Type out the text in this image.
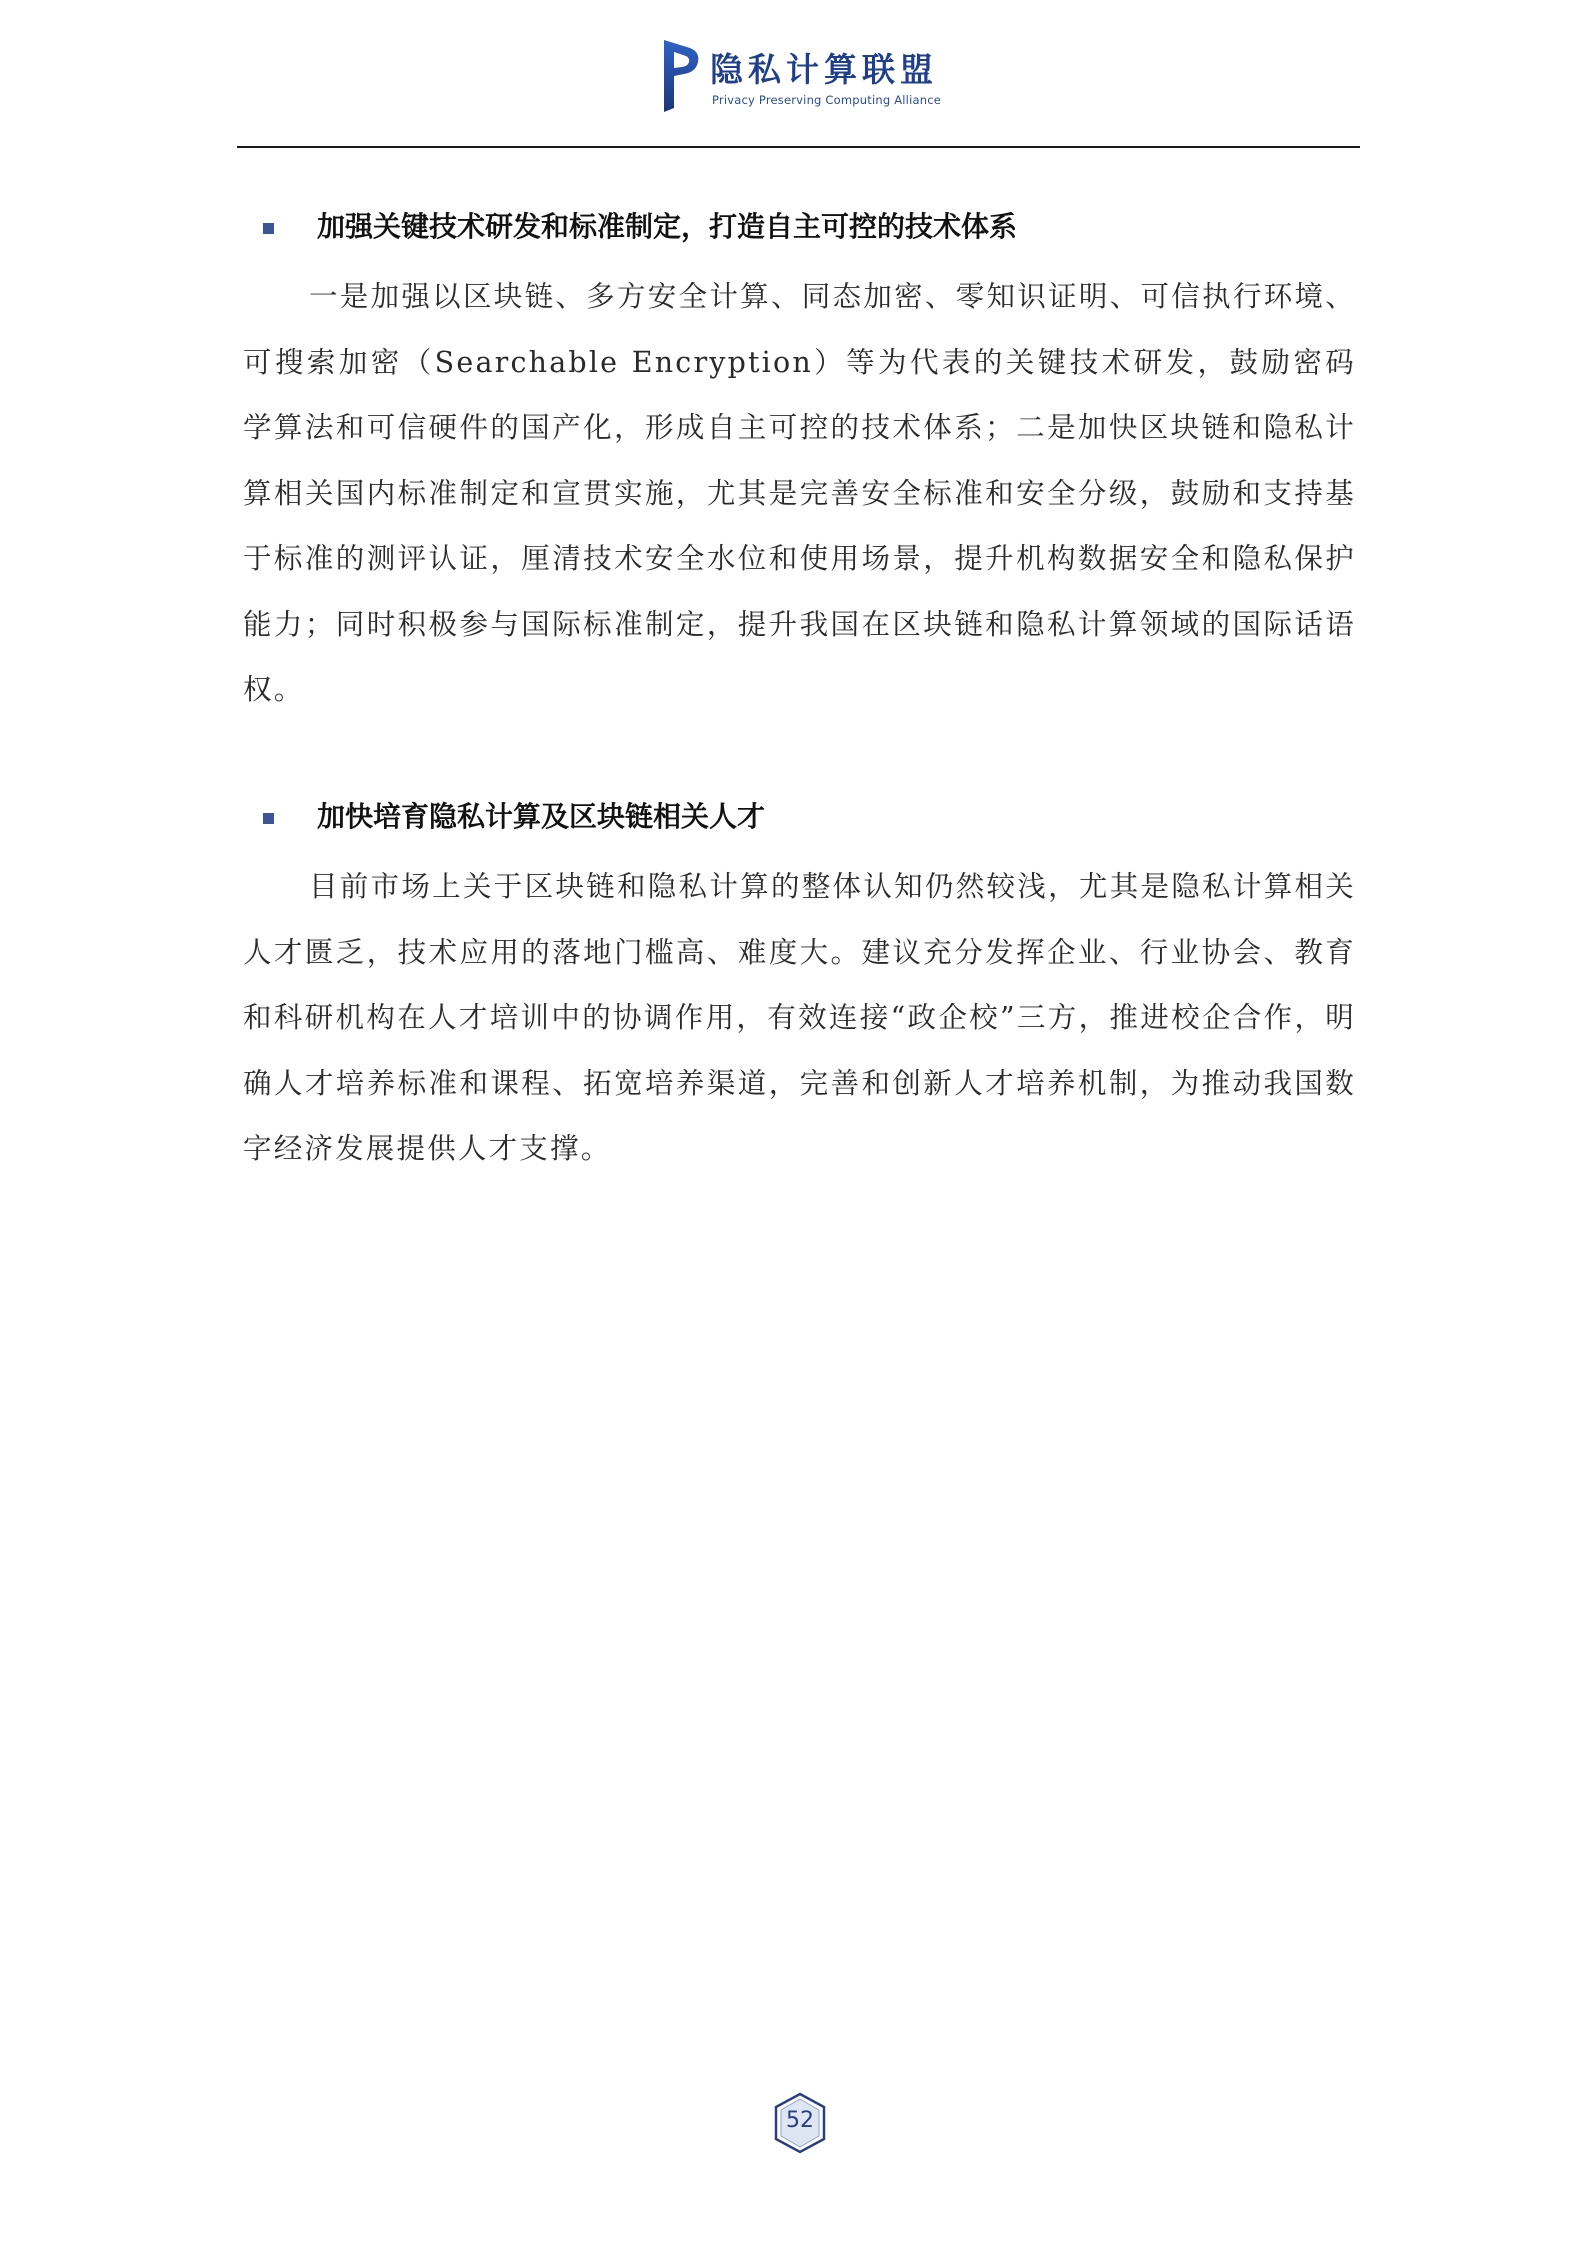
隐私计算联盟
Privacy Preserving Computing Alliance
加强关键技术研发和标准制定，打造自主可控的技术体系

一是加强以区块链、多方安全计算、同态加密、零知识证明、可信执行环境、可搜索加密（Searchable Encryption）等为代表的关键技术研发，鼓励密码学算法和可信硬件的国产化，形成自主可控的技术体系；二是加快区块链和隐私计算相关国内标准制定和宣贯实施，尤其是完善安全标准和安全分级，鼓励和支持基于标准的测评认证，厘清技术安全水位和使用场景，提升机构数据安全和隐私保护能力；同时积极参与国际标准制定，提升我国在区块链和隐私计算领域的国际话语权。

加快培育隐私计算及区块链相关人才

目前市场上关于区块链和隐私计算的整体认知仍然较浅，尤其是隐私计算相关人才匮乏，技术应用的落地门槛高、难度大。建议充分发挥企业、行业协会、教育和科研机构在人才培训中的协调作用，有效连接“政企校”三方，推进校企合作，明确人才培养标准和课程、拓宽培养渠道，完善和创新人才培养机制，为推动我国数字经济发展提供人才支撑。

52
